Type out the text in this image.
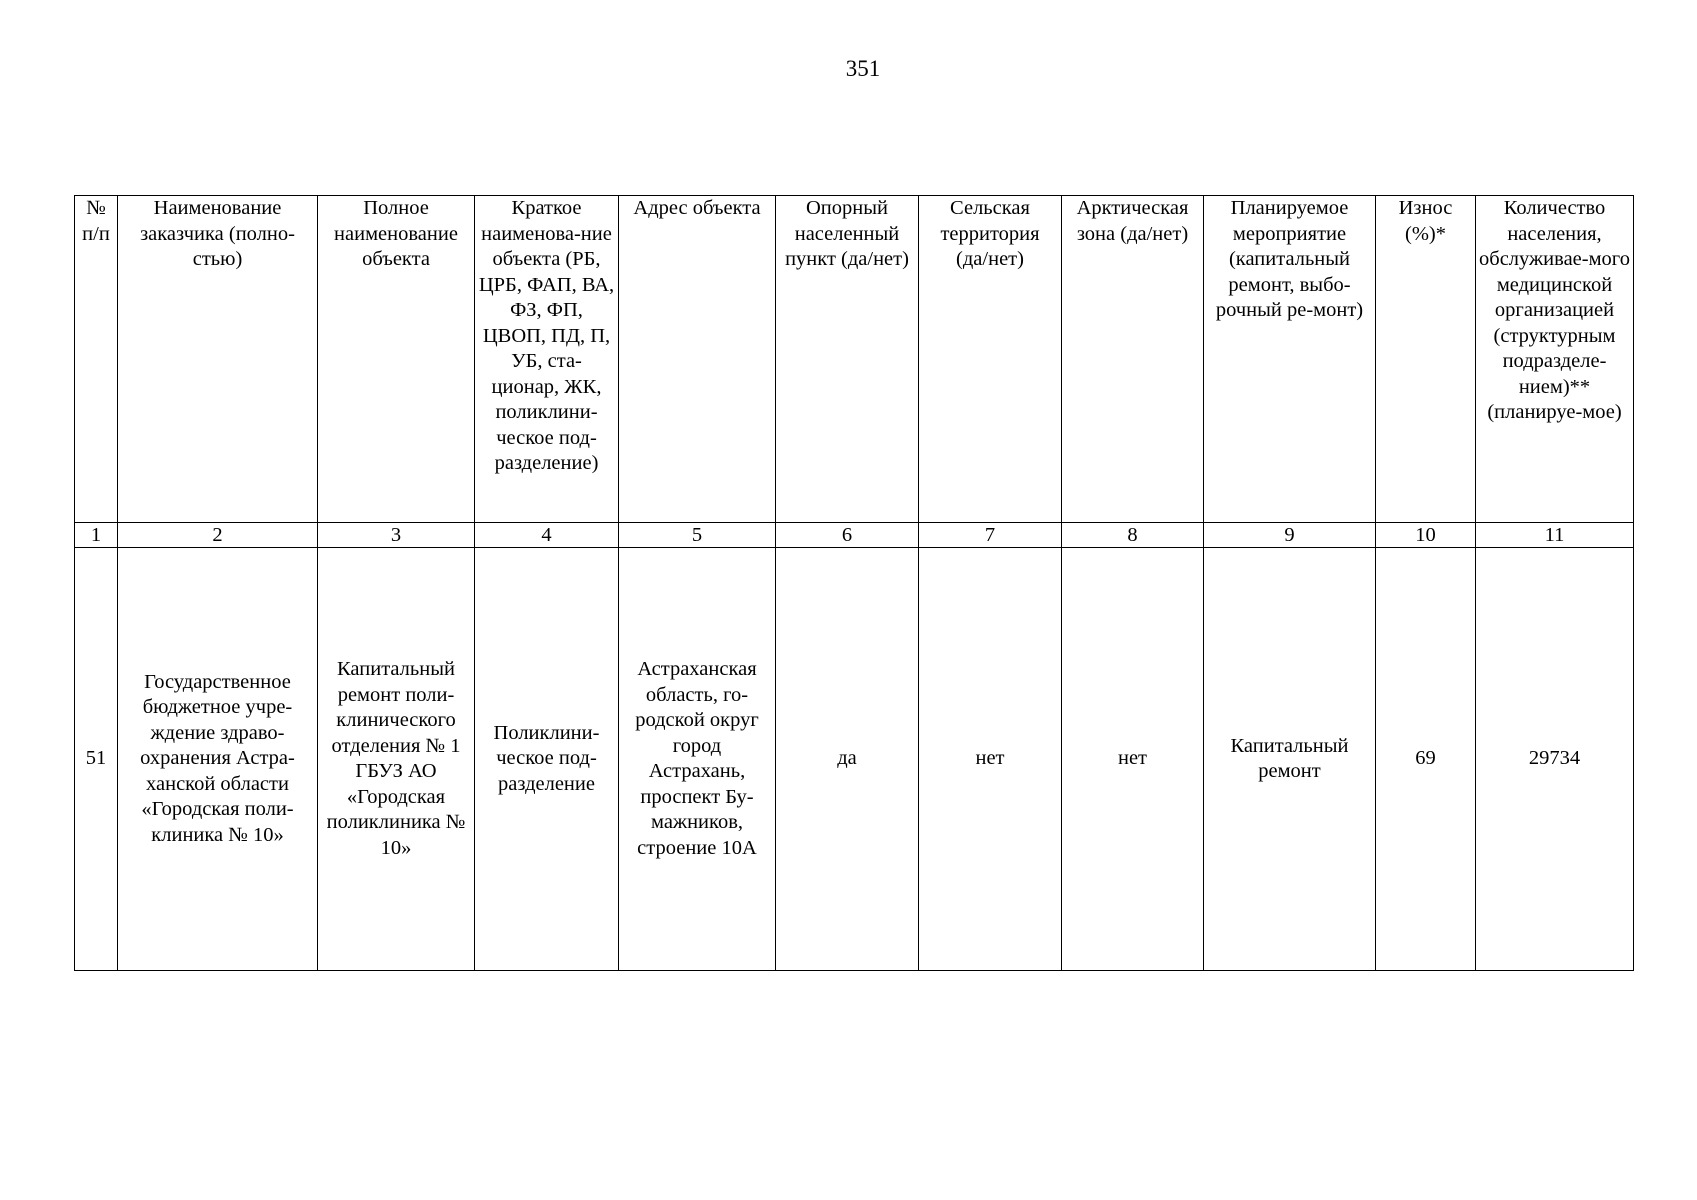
351
№ п/п	Наименование заказчика (полно-стью)	Полное наименование объекта	Краткое наименова-ние объекта (РБ, ЦРБ, ФАП, ВА, ФЗ, ФП, ЦВОП, ПД, П, УБ, ста-ционар, ЖК, поликлини-ческое под-разделение)	Адрес объекта	Опорный населенный пункт (да/нет)	Сельская территория (да/нет)	Арктическая зона (да/нет)	Планируемое мероприятие (капитальный ремонт, выбо-рочный ре-монт)	Износ (%)*	Количество населения, обслуживае-мого медицинской организацией (структурным подразделе-нием)** (планируе-мое)
1	2	3	4	5	6	7	8	9	10	11
51	Государственное бюджетное учре-ждение здраво-охранения Астра-ханской области «Городская поли-клиника № 10»	Капитальный ремонт поли-клинического отделения № 1 ГБУЗ АО «Городская поликлиника № 10»	Поликлини-ческое под-разделение	Астраханская область, го-родской округ город Астрахань, проспект Бу-мажников, строение 10А	да	нет	нет	Капитальный ремонт	69	29734
